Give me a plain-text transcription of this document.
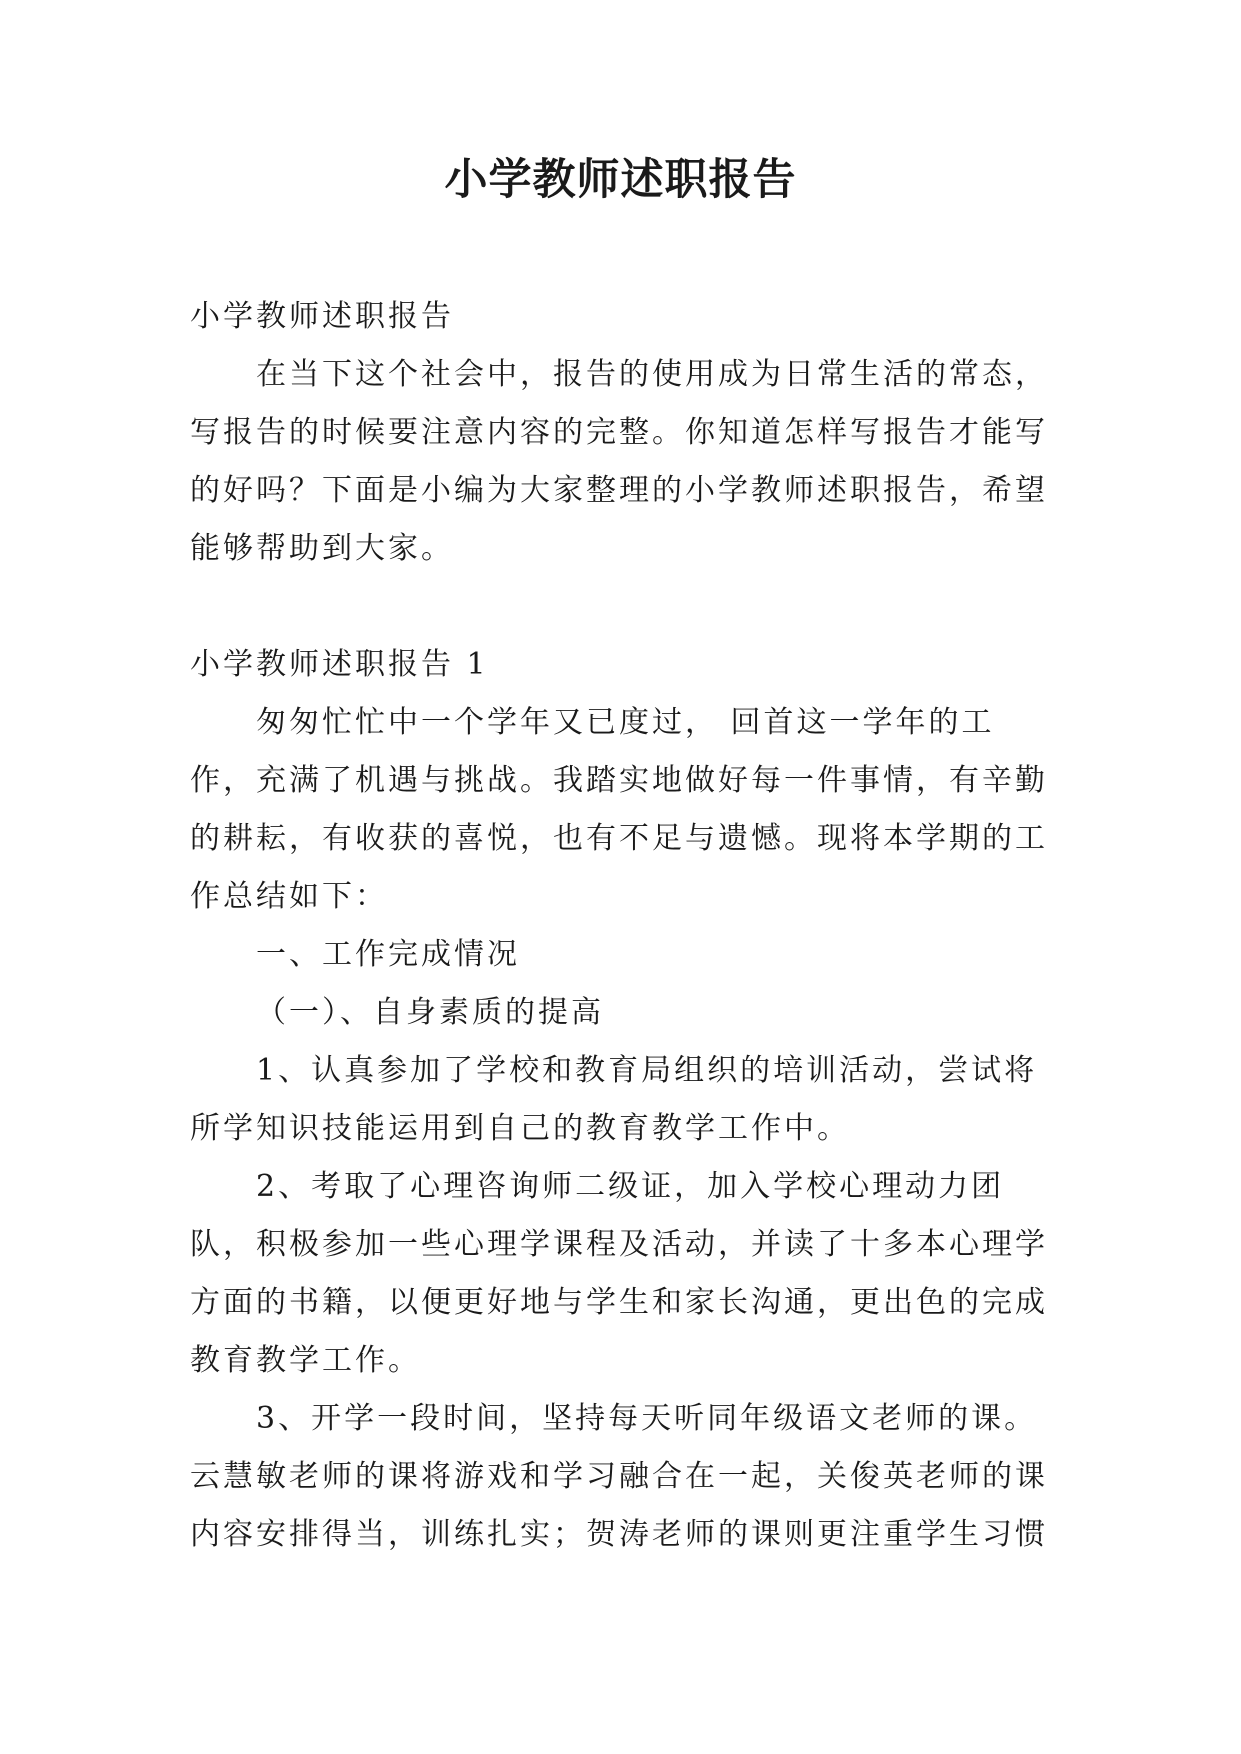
小学教师述职报告

小学教师述职报告

在当下这个社会中，报告的使用成为日常生活的常态，写报告的时候要注意内容的完整。你知道怎样写报告才能写的好吗？下面是小编为大家整理的小学教师述职报告，希望能够帮助到大家。

小学教师述职报告 1

匆匆忙忙中一个学年又已度过， 回首这一学年的工作，充满了机遇与挑战。我踏实地做好每一件事情，有辛勤的耕耘，有收获的喜悦，也有不足与遗憾。现将本学期的工作总结如下：

一、工作完成情况

（一）、自身素质的提高

1、认真参加了学校和教育局组织的培训活动，尝试将所学知识技能运用到自己的教育教学工作中。

2、考取了心理咨询师二级证，加入学校心理动力团队，积极参加一些心理学课程及活动，并读了十多本心理学方面的书籍，以便更好地与学生和家长沟通，更出色的完成教育教学工作。

3、开学一段时间，坚持每天听同年级语文老师的课。云慧敏老师的课将游戏和学习融合在一起，关俊英老师的课内容安排得当，训练扎实；贺涛老师的课则更注重学生习惯
